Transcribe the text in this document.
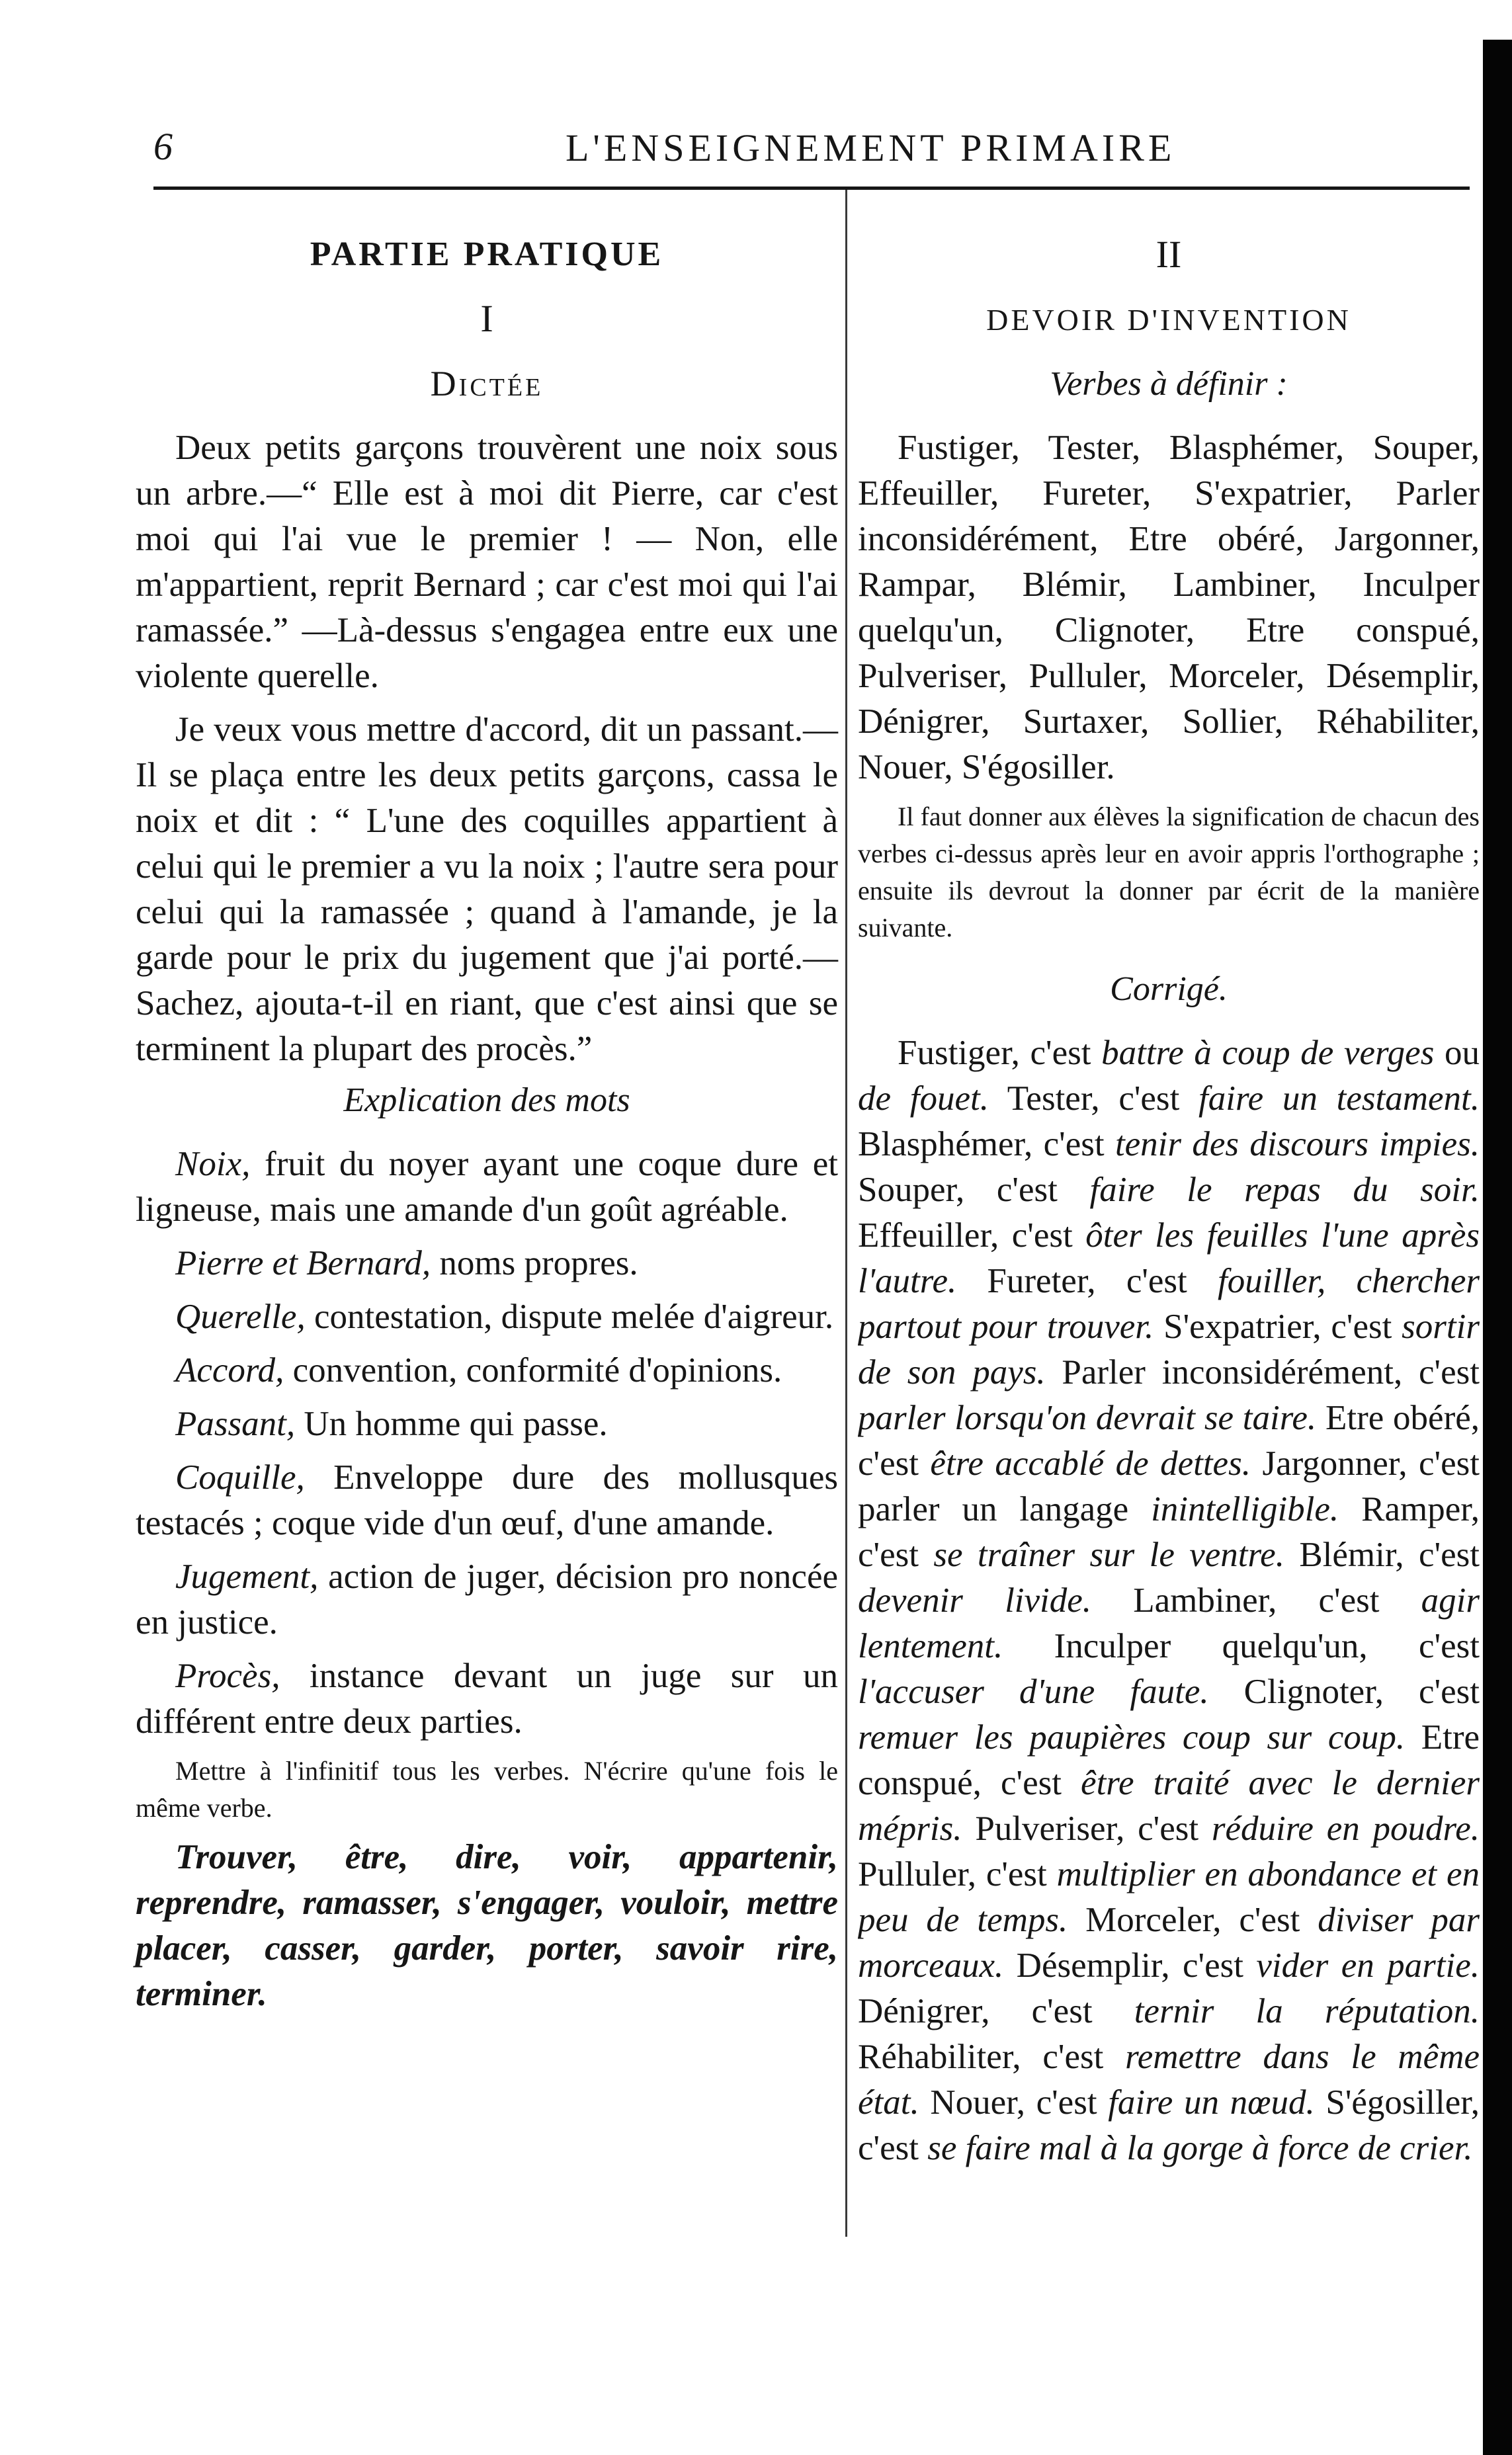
6	L'ENSEIGNEMENT PRIMAIRE
PARTIE PRATIQUE
I
Dictée

Deux petits garçons trouvèrent une noix sous un arbre.—“ Elle est à moi dit Pierre, car c'est moi qui l'ai vue le premier ! — Non, elle m'appartient, reprit Bernard ; car c'est moi qui l'ai ramassée.” —Là-dessus s'engagea entre eux une violente querelle.

Je veux vous mettre d'accord, dit un passant.—Il se plaça entre les deux petits garçons, cassa le noix et dit : “ L'une des coquilles appartient à celui qui le premier a vu la noix ; l'autre sera pour celui qui la ramassée ; quand à l'amande, je la garde pour le prix du jugement que j'ai porté.—Sachez, ajouta-t-il en riant, que c'est ainsi que se terminent la plupart des procès.”

Explication des mots

Noix, fruit du noyer ayant une coque dure et ligneuse, mais une amande d'un goût agréable.

Pierre et Bernard, noms propres.

Querelle, contestation, dispute melée d'aigreur.

Accord, convention, conformité d'opinions.

Passant, Un homme qui passe.

Coquille, Enveloppe dure des mollusques testacés ; coque vide d'un œuf, d'une amande.

Jugement, action de juger, décision pro noncée en justice.

Procès, instance devant un juge sur un différent entre deux parties.

Mettre à l'infinitif tous les verbes. N'écrire qu'une fois le même verbe.

Trouver, être, dire, voir, appartenir, reprendre, ramasser, s'engager, vouloir, mettre placer, casser, garder, porter, savoir rire, terminer.

II
DEVOIR D'INVENTION
Verbes à définir :

Fustiger, Tester, Blasphémer, Souper, Effeuiller, Fureter, S'expatrier, Parler inconsidérément, Etre obéré, Jargonner, Rampar, Blémir, Lambiner, Inculper quelqu'un, Clignoter, Etre conspué, Pulveriser, Pulluler, Morceler, Désemplir, Dénigrer, Surtaxer, Sollier, Réhabiliter, Nouer, S'égosiller.

Il faut donner aux élèves la signification de chacun des verbes ci-dessus après leur en avoir appris l'orthographe ; ensuite ils devrout la donner par écrit de la manière suivante.

Corrigé.

Fustiger, c'est battre à coup de verges ou de fouet. Tester, c'est faire un testament. Blasphémer, c'est tenir des discours impies. Souper, c'est faire le repas du soir. Effeuiller, c'est ôter les feuilles l'une après l'autre. Fureter, c'est fouiller, chercher partout pour trouver. S'expatrier, c'est sortir de son pays. Parler inconsidérément, c'est parler lorsqu'on devrait se taire. Etre obéré, c'est être accablé de dettes. Jargonner, c'est parler un langage inintelligible. Ramper, c'est se traîner sur le ventre. Blémir, c'est devenir livide. Lambiner, c'est agir lentement. Inculper quelqu'un, c'est l'accuser d'une faute. Clignoter, c'est remuer les paupières coup sur coup. Etre conspué, c'est être traité avec le dernier mépris. Pulveriser, c'est réduire en poudre. Pulluler, c'est multiplier en abondance et en peu de temps. Morceler, c'est diviser par morceaux. Désemplir, c'est vider en partie. Dénigrer, c'est ternir la réputation. Réhabiliter, c'est remettre dans le même état. Nouer, c'est faire un nœud. S'égosiller, c'est se faire mal à la gorge à force de crier.
